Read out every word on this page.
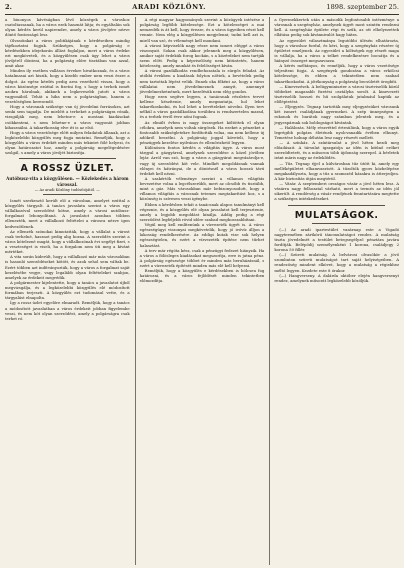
2.	ARADI KÖZLÖNY.	1898. szeptember 25.

a biuonyos kávéságban lévő községek a városhoz csatoltassanak, ha a város ezek hasznát látja; és egyáltalán sok olyan kérdés kerül napirendre, amely a város jövőjére nézve döntő fontosságú lesz.

Olvasóinkat a város politikájának e kérdéseiben mindig tájékoztatni fogjuk. Szükséges, hogy a polgárság e kérdésekben idejekorán állást foglaljon, mert a város érdeke ezt megköveteli, és a közgyűlésen csak úgy lehet a város jövőjéről dönteni, ha a polgárság előre tisztában van azzal, amit akar.

Minden ily esetben vallásos érvekre hivatkoznak, és a város hatalmasai azt hiszik, hogy a kisebb ember nem veszi észre a dolgot. Az egész kérdés pedig arra vezethető vissza, hogy a város közönsége ezúttal is fizetni fog, s hogy a terhek ismét azokra hárulnak, akiknek a legkevesebb jutott a város vagyonából. Tehát a hiba nem a polgárságban, hanem a vezetőségben keresendő.

Hogy a városnak szüksége van új jövedelmi forrásokra, azt senki sem tagadja. De mielőtt a terheket a polgárságra rónák, vizsgálják meg, nem lehetne-e a mostani kiadásokat csökkenteni, s nem lehetne-e a város vagyonát jobban kihasználni. A takarékosság elve itt is az első.

Hogy a város vezetősége előtt milyen feladatok állanak, azt a legközelebbi közgyűlés meg fogja mutatni. Reméljük, hogy a közgyűlés a város érdekét minden más tekintet fölé helyezi, és olyan határozatot hoz, amely a polgárság megelégedésére szolgál, s amely a város jövőjét biztosítja.

A ROSSZ ÜZLET.
Autóbusz-vita a közgyűlésen. — Közlekedés a három várossal.
— Az aradi Közlöny tudósítójától. —

Ismét szerkesztő került elő a városban, amelyet ezúttal a közgyűlés tárgyalt. A tanács javaslata szerint a város egy vállalkozóval szerződést kötne, amely a városi autóbusz-forgalmat lebonyolítaná. A javaslatot azonban többen ellenezték, mert a vállalkozó feltételei a városra nézve igen kedvezőtlenek.

Az ellenzék szónokai kimutatták, hogy a vállalat a várost csak terhelné, hasznot pedig alig hozna. A szerződés szerint a város kötelezné magát, hogy a vállalkozónak évi segélyt fizet, s a veszteséget is viseli, ha a forgalom nem üti meg a kívánt mértéket.

A vita során kiderült, hogy a vállalkozó már más városokban is hasonló szerződéseket kötött, és azok sehol sem váltak be. Ezért többen azt indítványozták, hogy a város a forgalmat saját kezelésébe vegye, vagy legalább olyan feltételeket szabjon, amelyek az érdekeit megvédik.

A polgármester kijelentette, hogy a tanács a javaslatot újból megvizsgálja, és a legközelebbi közgyűlés elé módosított formában terjeszti. A közgyűlés ezt tudomásul vette, és a tárgyalást elnapolta.

Így a rossz üzlet egyelőre elmaradt. Reméljük, hogy a tanács a módosított javaslatban a város érdekeit jobban figyelembe veszi, és nem köt olyan szerződést, amely a polgárságra csak terhet ró.

A régi magyar hagyományok szerint a közügyek intézése a polgárság legfőbb kötelessége. Ezt a kötelességet a mai nemzedék is át kell, hogy érezze, és a város ügyeiben részt kell vennie. Nem elég a közgyűlésen megjelenni; tudni kell azt is, miről van szó, és véleményt kell mondani.

A városi képviselők nagy része nem ismeri eléggé a város viszonyait. Sokan csak akkor jelennek meg a közgyűlésen, amikor saját érdekük forog kockán, s a közérdeket nem tartják szem előtt. Pedig a képviselőség nem kitüntetés, hanem kötelesség, amely munkát és felelősséget kíván.

A városi gazdálkodás rendbehozatala is sürgős feladat. Az utóbbi években a kiadások folyton nőttek, a bevételek pedig nem tartottak lépést velük. Ennek oka főként az, hogy a város vállalatai nem jövedelmeznek annyit, amennyit jövedelmezhetnének, mert kezelésük nem elég gondos.

Hogy ezen segítve legyen, a tanácsnak részletes tervet kellene készítenie, amely megmutatja, hol lehet takarékoskodni, és hol lehet a bevételeket növelni. Ilyen terv nélkül a város gazdálkodása továbbra is rendszertelen marad, és a terhek évről évre nőni fognak.

Az elmúlt évben is nagy összegeket költöttek el olyan célokra, amelyek nem voltak sürgősek. Ha ezeket a pénzeket a fontosabb szükségletekre fordították volna, ma nem kellene új adókról beszélni. A polgárság joggal követeli, hogy a pénzügyek kezelése nyilvános és ellenőrizhető legyen.

Különösen fontos kérdés a világítás ügye. A város most tárgyal a gázgyárral, amelynek szerződése a közel jövőben lejár. Arról van szó, hogy a város a gázgyárat megvásárolja-e, vagy új szerződést köt vele. Mindkét megoldásnak vannak előnyei és hátrányai, de a döntésnél a város hosszú távú érdekét kell nézni.

A szakértők véleménye szerint a villamos világítás bevezetése volna a legcélszerűbb, mert az olcsóbb és tisztább, mint a gáz. Más városokban már bebizonyosodott, hogy a villamos világítás a városnak tetemes megtakarítást hoz, s a közönség is szívesen veszi igénybe.

Ebben a kérdésben tehát a tanácsnak alapos tanulmányt kell végeznie, és a közgyűlés elé olyan javaslatot kell terjesztenie, amely a legjobb megoldást kínálja. Addig pedig a régi szerződést legfeljebb rövid időre szabad meghosszabbítani.

Végül meg kell említenünk a vízvezeték ügyét is. A város egészségügyi viszonyai megkövetelik, hogy jó ivóvíz álljon a lakosság rendelkezésére. Az eddigi kutak vize sok helyen egészségtelen, és ezért a vízvezeték építése nem tűrhet halasztást.

A terv már régóta kész, csak a pénzügyi fedezet hiányzik. Ha a város a fölösleges kiadásokat megszorítja, erre is jutna pénz. A polgárság egészsége többet ér minden más beruházásnál, s ezért a vízvezeték építését minden más elé kell helyezni.

Reméljük, hogy a közgyűlés e kérdésekben is bölcsen fog határozni, és a város fejlődését minden tekintetben előmozdítja.

a Gyermekkertek után a második legfontosabb intézménye a városnak a szegényház, amelynek ügyét most szintén rendezni kell. A szegényház épülete régi és szűk, az ott elhelyezettek ellátása pedig sok kívánnivalót hagy hátra.

Az egyesület választmánya legutóbbi ülésén elhatározta, hogy a városhoz fordul, és kéri, hogy a szegényház részére új épületet emeljenek. Az egyesület a költségek egy részét maga is vállalja, ha a város a telket rendelkezésre bocsátja és a hiányzó összeget megszavazza.

A kérés méltányos, és reméljük, hogy a város vezetősége teljesíteni fogja. A szegények gondozása a város erkölcsi kötelessége, és ebben a tekintetben nem szabad takarékoskodni. A jótékonyság a polgárság becsületét öregbíti.

— Kinevezések. A belügyminiszter a városi tisztviselők közül többeket magasabb fizetési osztályba sorolt. A kinevezett tisztviselők hosszú és hű szolgálatuk jutalmául kapták az előléptetést.

— Eljegyzés. Tegnap tartották meg eljegyzésüket városunk két ismert családjának gyermekei. A szép ünnepségen a rokonok és barátok nagy számban jelentek meg, és a jegyespárnak sok boldogságot kívántak.

— Halálozás. Mély részvéttel értesülünk, hogy a város egyik legrégibb polgára életének nyolcvanadik évében elhunyt. Temetése holnap délután lesz nagy részvét mellett.

— A színház. A színtársulat a jövő héten kezdi meg előadásait. A társulat igazgatója az idén is kitűnő erőket szerződtetett, és a műsoron több újdonság szerepel. A bérletek iránt máris nagy az érdeklődés.

— Tűz. Tegnap éjjel a külvárosban tűz ütött ki, amely egy melléképületet elhamvasztott. A tűzoltók gyors közbelépése megakadályozta, hogy a tűz a szomszéd házakra is átterjedjen. A kár biztosítás útján megtérül.

— Vásár. A szeptemberi országos vásár a jövő héten lesz. A vásárra nagy felhozatal várható, mert a termés az idén jól sikerült. A rendőrség a vásár rendjének fenntartására megtette a szükséges intézkedéseket.

MULATSÁGOK.

(—) Az aradi ipartestület vasárnap este a Vigadó nagytermében zártkörű táncmulatságot rendez. A mulatság tiszta jövedelmét a testület betegsegélyző pénztára javára fordítják. Belépődíj személyenként 1 korona, családjegy 2 korona 50 fillér.

(—) Szüreti mulatság. A belvárosi olvasókör a jövő szombaton szüreti mulatságot tart saját helyiségeiben. A rendezőség mindent elkövet, hogy a mulatság a régiekhez méltó legyen. Kezdete este 8 órakor.

(—) Hangverseny. A dalárda október elején hangversenyt rendez, amelynek műsorát legközelebb közöljük.
